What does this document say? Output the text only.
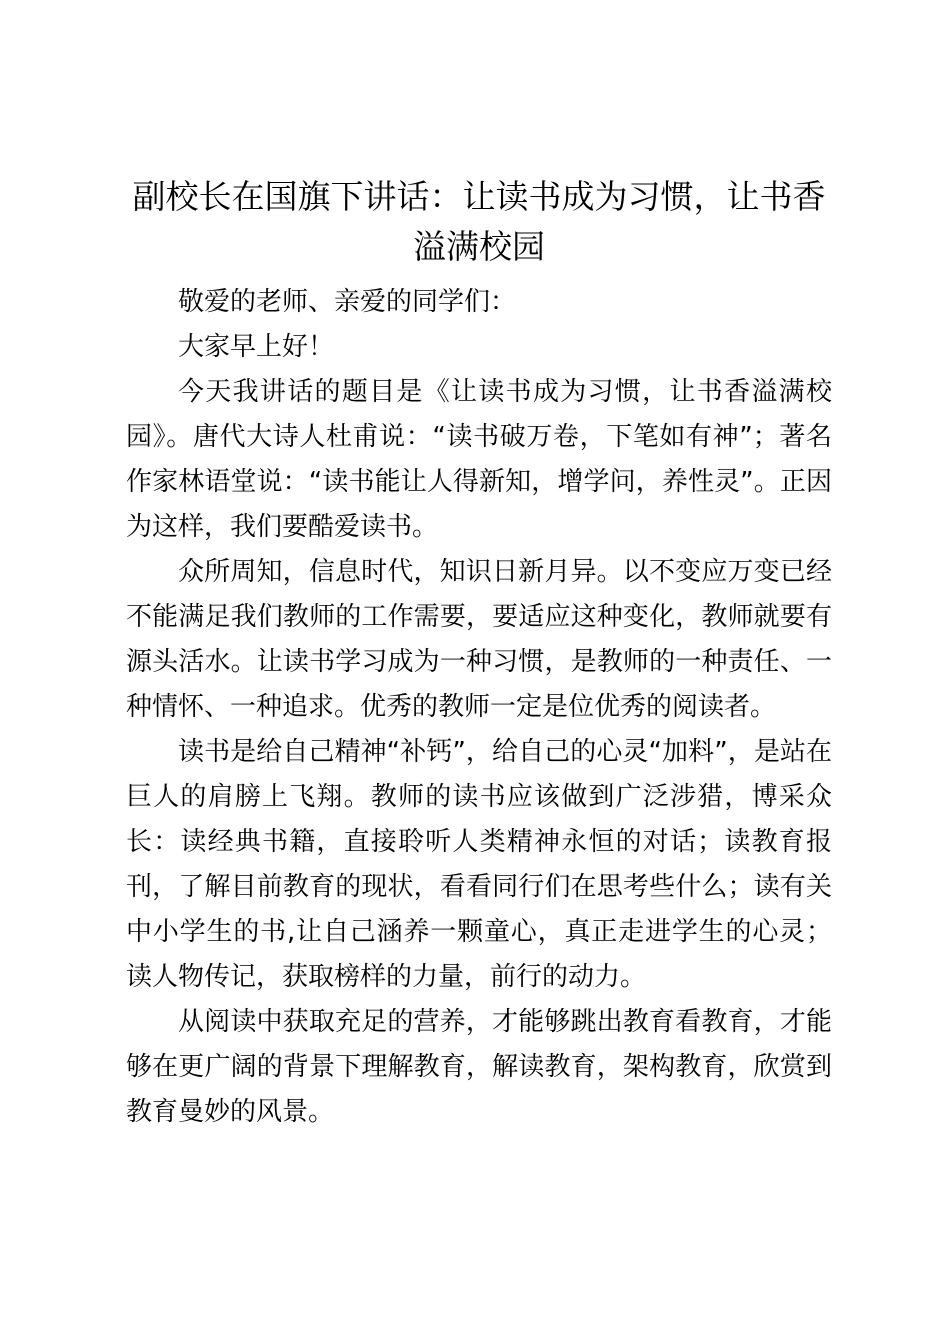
副校长在国旗下讲话：让读书成为习惯，让书香溢满校园

敬爱的老师、亲爱的同学们：

大家早上好！

今天我讲话的题目是《让读书成为习惯，让书香溢满校园》。唐代大诗人杜甫说：“读书破万卷，下笔如有神”；著名作家林语堂说：“读书能让人得新知，增学问，养性灵”。正因为这样，我们要酷爱读书。

众所周知，信息时代，知识日新月异。以不变应万变已经不能满足我们教师的工作需要，要适应这种变化，教师就要有源头活水。让读书学习成为一种习惯，是教师的一种责任、一种情怀、一种追求。优秀的教师一定是位优秀的阅读者。

读书是给自己精神“补钙”，给自己的心灵“加料”，是站在巨人的肩膀上飞翔。教师的读书应该做到广泛涉猎，博采众长：读经典书籍，直接聆听人类精神永恒的对话；读教育报刊，了解目前教育的现状，看看同行们在思考些什么；读有关中小学生的书,让自己涵养一颗童心，真正走进学生的心灵；读人物传记，获取榜样的力量，前行的动力。

从阅读中获取充足的营养，才能够跳出教育看教育，才能够在更广阔的背景下理解教育，解读教育，架构教育，欣赏到教育曼妙的风景。
